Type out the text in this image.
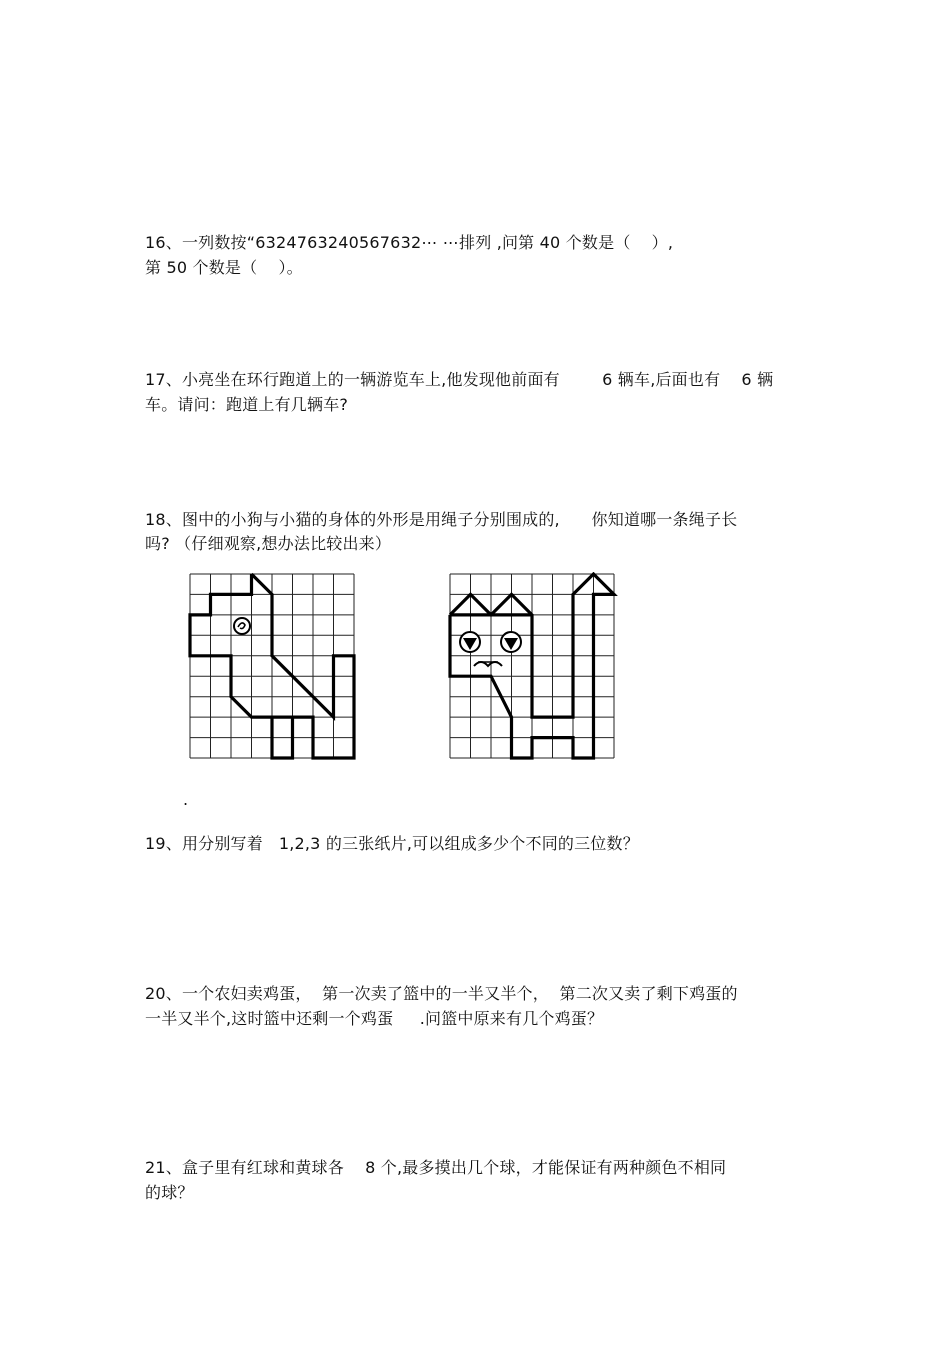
16、一列数按“6324763240567632⋯ ⋯排列 ,问第 40 个数是（    ）,
第 50 个数是（    ）。
17、小亮坐在环行跑道上的一辆游览车上,他发现他前面有        6 辆车,后面也有    6 辆
车。请问：跑道上有几辆车?
18、图中的小狗与小猫的身体的外形是用绳子分别围成的,      你知道哪一条绳子长
吗? （仔细观察,想办法比较出来）
.
19、用分别写着   1,2,3 的三张纸片,可以组成多少个不同的三位数？
20、一个农妇卖鸡蛋，  第一次卖了篮中的一半又半个，  第二次又卖了剩下鸡蛋的
一半又半个,这时篮中还剩一个鸡蛋     .问篮中原来有几个鸡蛋？
21、盒子里有红球和黄球各    8 个,最多摸出几个球，才能保证有两种颜色不相同
的球？
